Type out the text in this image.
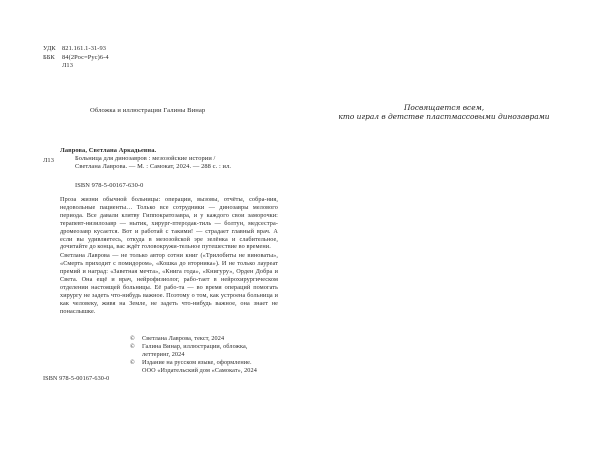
УДК 821.161.1-31-93
ББК	84(2Рос=Рус)6-4
Л13
Обложка и иллюстрации Галины Винар	Посвящается всем,
кто играл в детстве пластмассовыми динозаврами
Л13
Лаврова, Светлана Аркадьевна.
Больница для динозавров : мезозойские истории /
Светлана Лаврова. — М. : Самокат, 2024. — 288 с. : ил.
ISBN 978-5-00167-630-0

Проза жизни обычной больницы: операции, вызовы, отчёты, собра-ния, недовольные пациенты… Только все сотрудники — динозавры мелового периода. Все давали клятву Гиппократозавра, и у каждого свои заморочки: терапевт-низилозавр — нытик, хирург-птеродак-тиль — болтун, медсестра-дромеозавр кусается. Вот и работай с такими! — страдает главный врач. А если вы удивляетесь, откуда в мезозойской эре зелёнка и слабительное, дочитайте до конца, вас ждёт головокружи-тельное путешествие во времени.

Светлана Лаврова — не только автор сотни книг («Трилобиты не виноваты», «Смерть приходит с помидором», «Кошка до вторника»). И не только лауреат премий и наград: «Заветная мечта», «Книга года», «Книгуру», Орден Добра и Света. Она ещё и врач, нейрофизиолог, рабо-тает в нейрохирургическом отделении настоящей больницы. Её рабо-та — во время операций помогать хирургу не задеть что-нибудь важное. Поэтому о том, как устроена больница и как человеку, живя на Земле, не задеть что-нибудь важное, она знает не понаслышке.

©	Светлана Лаврова, текст, 2024
©	Галина Винар, иллюстрации, обложка,
леттеринг, 2024
©	Издание на русском языке, оформление.
ООО «Издательский дом «Самокат», 2024
ISBN 978-5-00167-630-0
